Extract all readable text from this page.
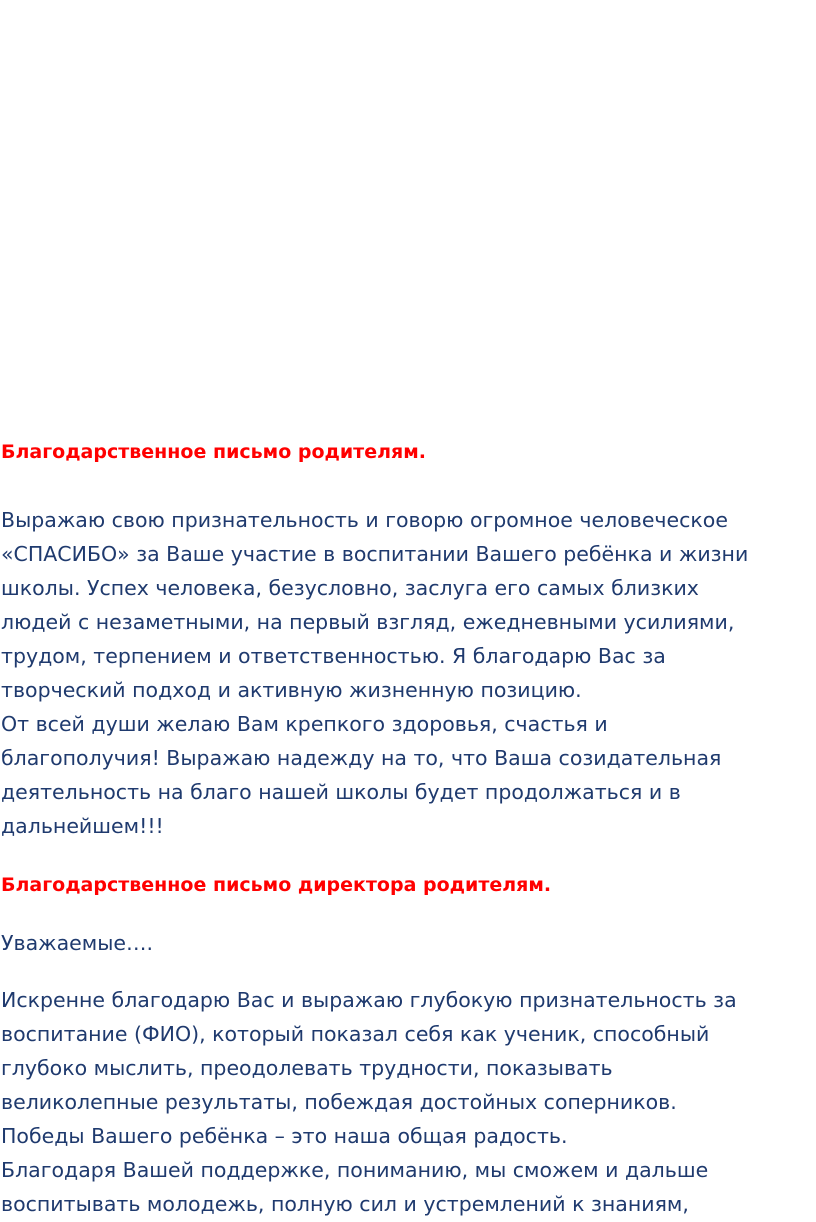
Благодарственное письмо родителям.
Выражаю свою признательность и говорю огромное человеческое
«СПАСИБО» за Ваше участие в воспитании Вашего ребёнка и жизни
школы. Успех человека, безусловно, заслуга его самых близких
людей с незаметными, на первый взгляд, ежедневными усилиями,
трудом, терпением и ответственностью. Я благодарю Вас за
творческий подход и активную жизненную позицию.
От всей души желаю Вам крепкого здоровья, счастья и
благополучия! Выражаю надежду на то, что Ваша созидательная
деятельность на благо нашей школы будет продолжаться и в
дальнейшем!!!
Благодарственное письмо директора родителям.
Уважаемые….
Искренне благодарю Вас и выражаю глубокую признательность за
воспитание (ФИО), который показал себя как ученик, способный
глубоко мыслить, преодолевать трудности, показывать
великолепные результаты, побеждая достойных соперников.
Победы Вашего ребёнка – это наша общая радость.
Благодаря Вашей поддержке, пониманию, мы сможем и дальше
воспитывать молодежь, полную сил и устремлений к знаниям,
